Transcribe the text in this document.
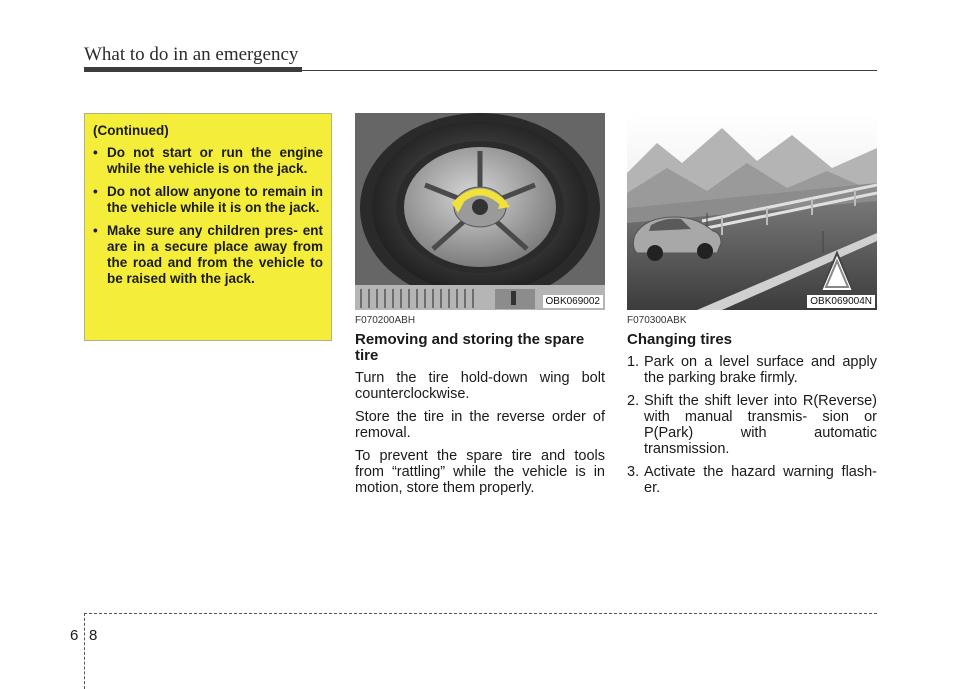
What to do in an emergency

(Continued)

• Do not start or run the engine while the vehicle is on the jack.
• Do not allow anyone to remain in the vehicle while it is on the jack.
• Make sure any children pres- ent are in a secure place away from the road and from the vehicle to be raised with the jack.
OBK069002	OBK069004N

F070200ABH

Removing and storing the spare tire

Turn the tire hold-down wing bolt counterclockwise.

Store the tire in the reverse order of removal.

To prevent the spare tire and tools from “rattling” while the vehicle is in motion, store them properly.

F070300ABK

Changing tires

1. Park on a level surface and apply the parking brake firmly.
2. Shift the shift lever into R(Reverse) with manual transmis- sion or P(Park) with automatic transmission.
3. Activate the hazard warning flash- er.
6 8
